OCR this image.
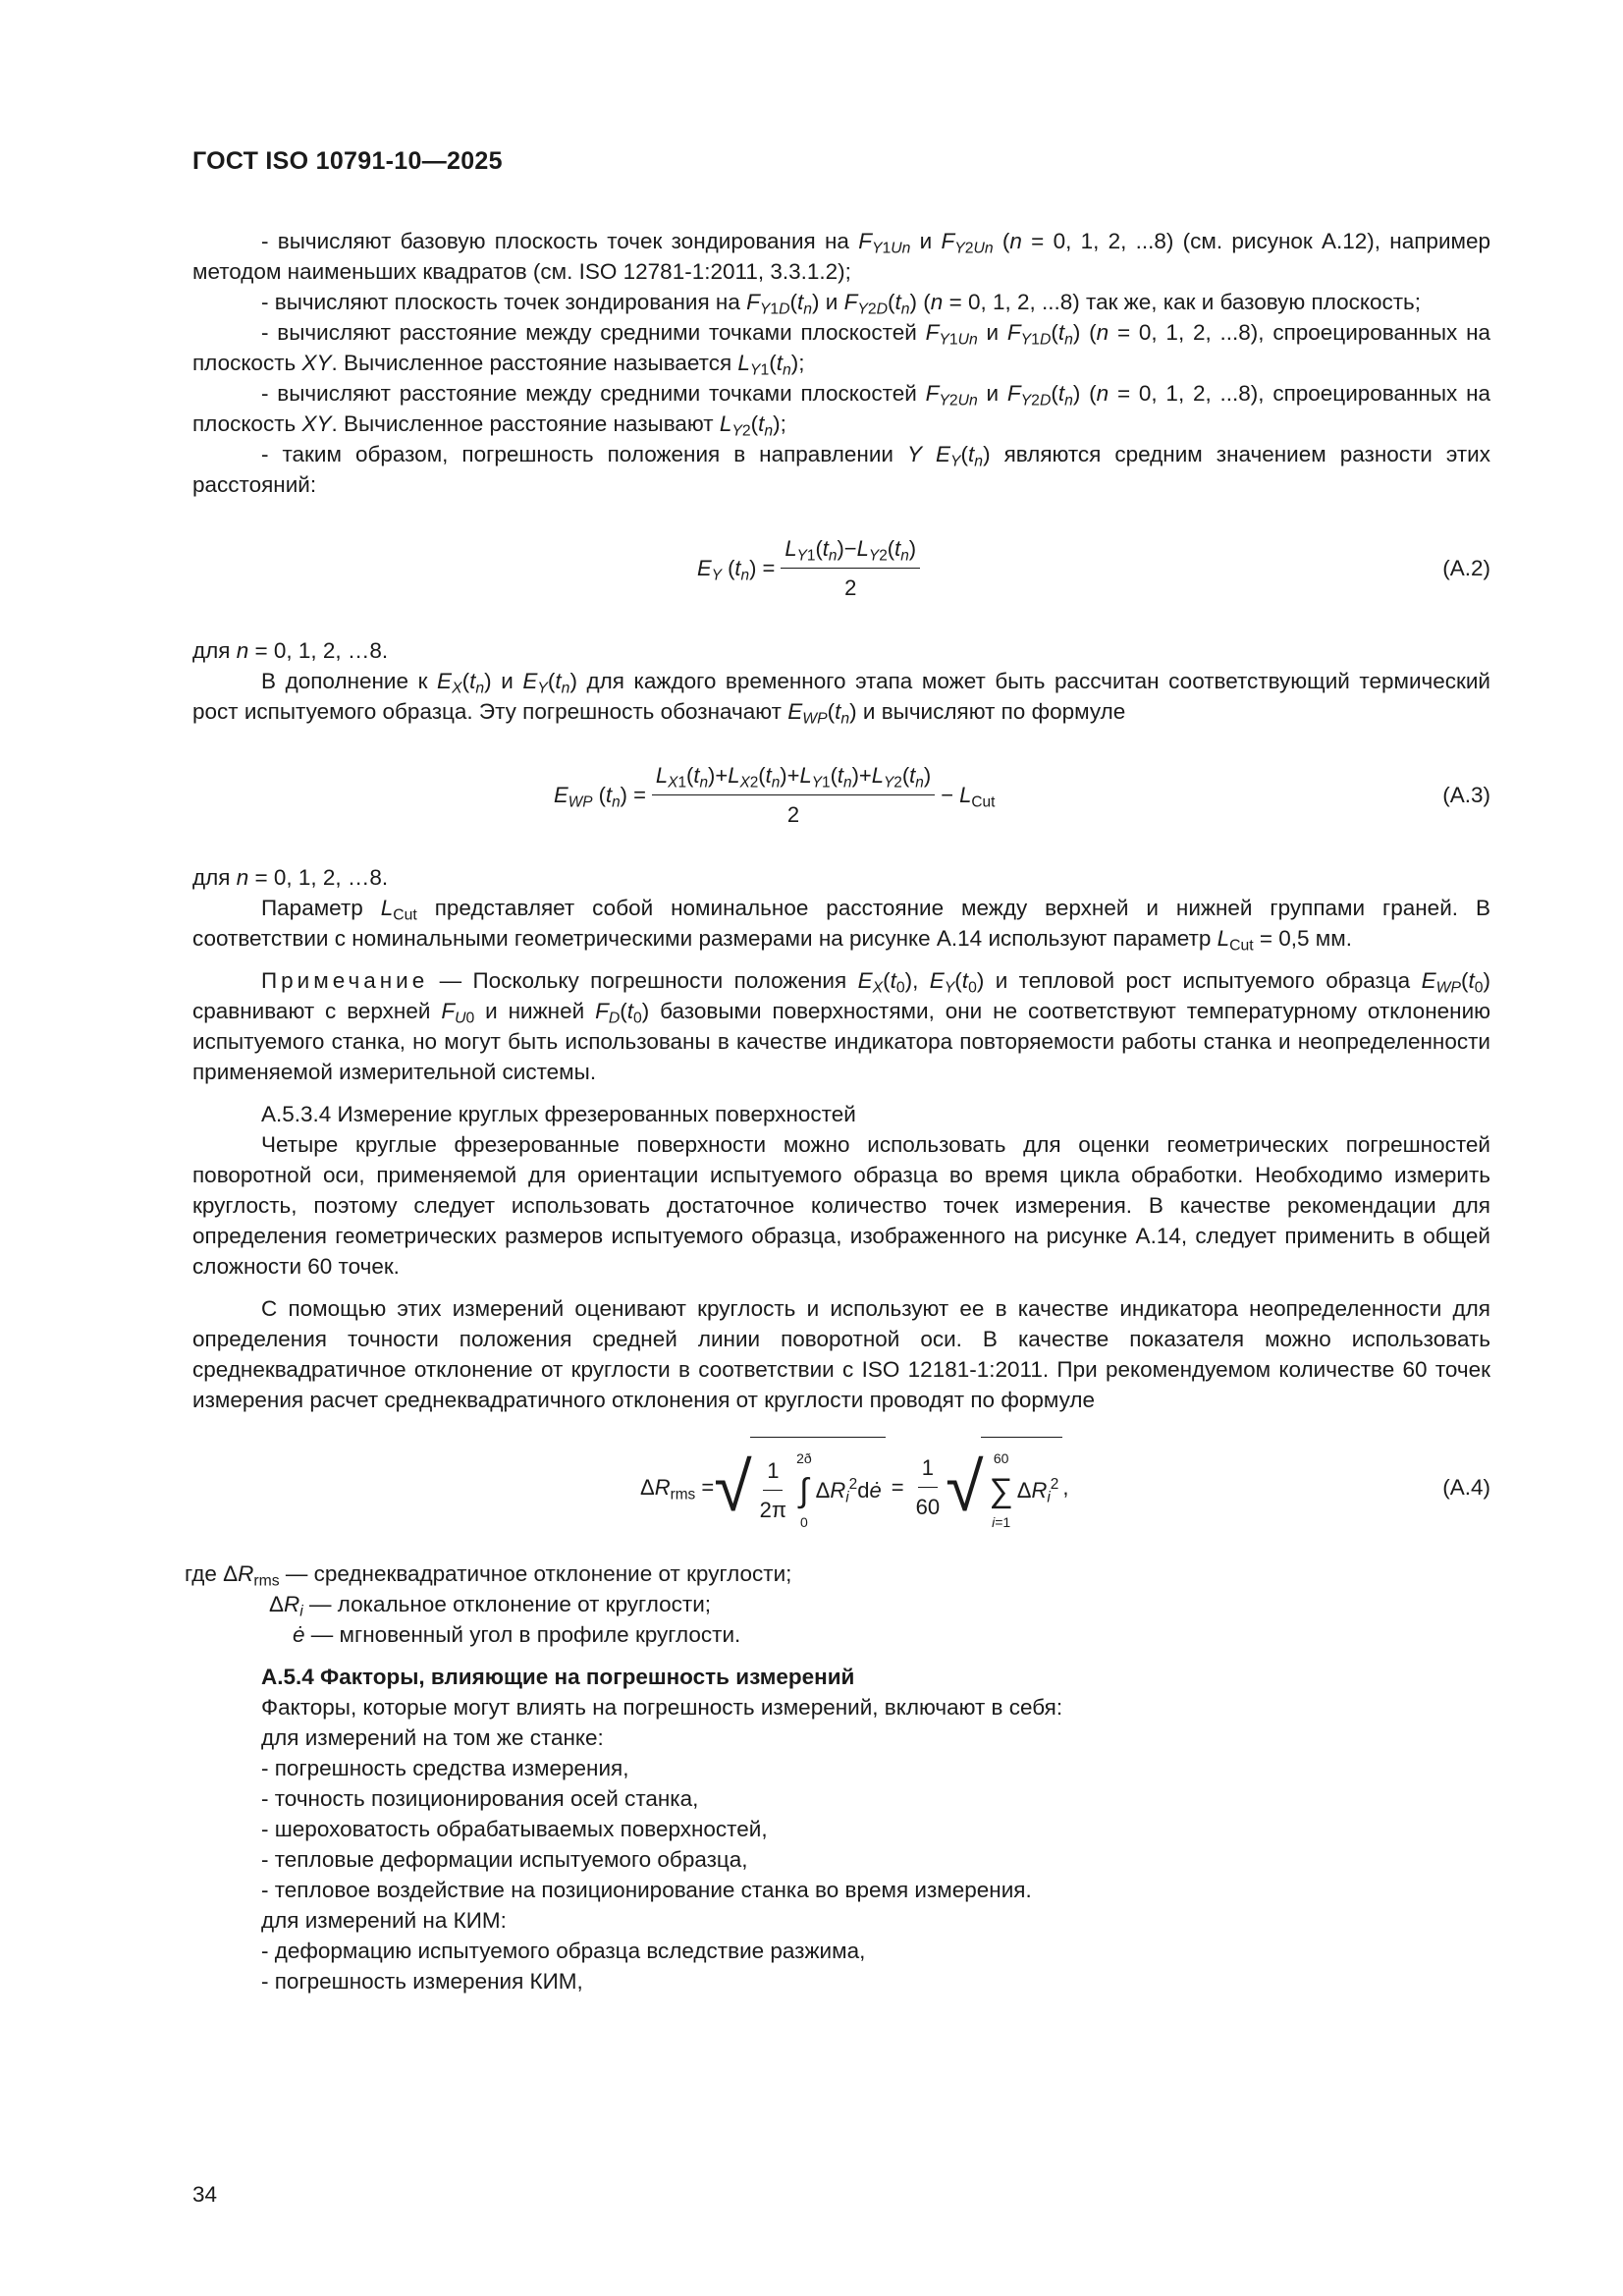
ГОСТ ISO 10791-10—2025

- вычисляют базовую плоскость точек зондирования на $F_{Y1Un}$ и $F_{Y2Un}$ (n = 0, 1, 2, ...8) (см. рисунок А.12), например методом наименьших квадратов (см. ISO 12781-1:2011, 3.3.1.2);

- вычисляют плоскость точек зондирования на $F_{Y1D}(t_n)$ и $F_{Y2D}(t_n) (n = 0$, 1, 2, ...8) так же, как и базовую плоскость;

- вычисляют расстояние между средними точками плоскостей $F_{Y1Un}$ и $F_{Y1D}(t_n) (n = 0$, 1, 2, ...8), спроецированных на плоскость XY. Вычисленное расстояние называется $L_{Y1}(t_n)$;

- вычисляют расстояние между средними точками плоскостей $F_{Y2Un}$ и $F_{Y2D}(t_n) (n = 0$, 1, 2, ...8), спроецированных на плоскость XY. Вычисленное расстояние называют $L_{Y2}(t_n)$;

- таким образом, погрешность положения в направлении Y $E_Y(t_n)$ являются средним значением разности этих расстояний:

$E_Y$ $(t_n) = \frac{L_{Y1}(t_n)-L_{Y2}(t_n)}{2}$	(А.2)

для n = 0, 1, 2, …8.

В дополнение к $E_X(t_n)$ и $E_Y(t_n)$ для каждого временного этапа может быть рассчитан соответствующий термический рост испытуемого образца. Эту погрешность обозначают $E_{WP}(t_n)$ и вычисляют по формуле

$E_{WP}$ $(t_n) = \frac{L_{X1}(t_n)+L_{X2}(t_n)+L_{Y1}(t_n)+L_{Y2}(t_n)}{2} - L_{Cut}$	(А.3)

для n = 0, 1, 2, …8.

Параметр $L_{Cut}$ представляет собой номинальное расстояние между верхней и нижней группами граней. В соответствии с номинальными геометрическими размерами на рисунке А.14 используют параметр $L_{Cut} = 0,5$ мм.

Примечание — Поскольку погрешности положения $E_X(t_0)$, $E_Y(t_0)$ и тепловой рост испытуемого образца $E_{WP}(t_0)$ сравнивают с верхней $F_{U0}$ и нижней $F_D(t_0)$ базовыми поверхностями, они не соответствуют температурному отклонению испытуемого станка, но могут быть использованы в качестве индикатора повторяемости работы станка и неопределенности применяемой измерительной системы.

А.5.3.4 Измерение круглых фрезерованных поверхностей

Четыре круглые фрезерованные поверхности можно использовать для оценки геометрических погрешностей поворотной оси, применяемой для ориентации испытуемого образца во время цикла обработки. Необходимо измерить круглость, поэтому следует использовать достаточное количество точек измерения. В качестве рекомендации для определения геометрических размеров испытуемого образца, изображенного на рисунке А.14, следует применить в общей сложности 60 точек.

С помощью этих измерений оценивают круглость и используют ее в качестве индикатора неопределенности для определения точности положения средней линии поворотной оси. В качестве показателя можно использовать среднеквадратичное отклонение от круглости в соответствии с ISO 12181-1:2011. При рекомендуемом количестве 60 точек измерения расчет среднеквадратичного отклонения от круглости проводят по формуле

$\Delta R_{rms}$ = √ $\frac{1}{2\pi}$ 2ð
∫
0
$\Delta R_i^2dė = \frac{1}{60}$ √ 60
∑
i=1
$\Delta R_i^2$ ,	(А.4)

где $\Delta R_{rms}$ — среднеквадратичное отклонение от круглости;

$\Delta R_i$ — локальное отклонение от круглости;

ė — мгновенный угол в профиле круглости.

А.5.4 Факторы, влияющие на погрешность измерений

Факторы, которые могут влиять на погрешность измерений, включают в себя:

для измерений на том же станке:

- погрешность средства измерения,

- точность позиционирования осей станка,

- шероховатость обрабатываемых поверхностей,

- тепловые деформации испытуемого образца,

- тепловое воздействие на позиционирование станка во время измерения.

для измерений на КИМ:

- деформацию испытуемого образца вследствие разжима,

- погрешность измерения КИМ,

34
